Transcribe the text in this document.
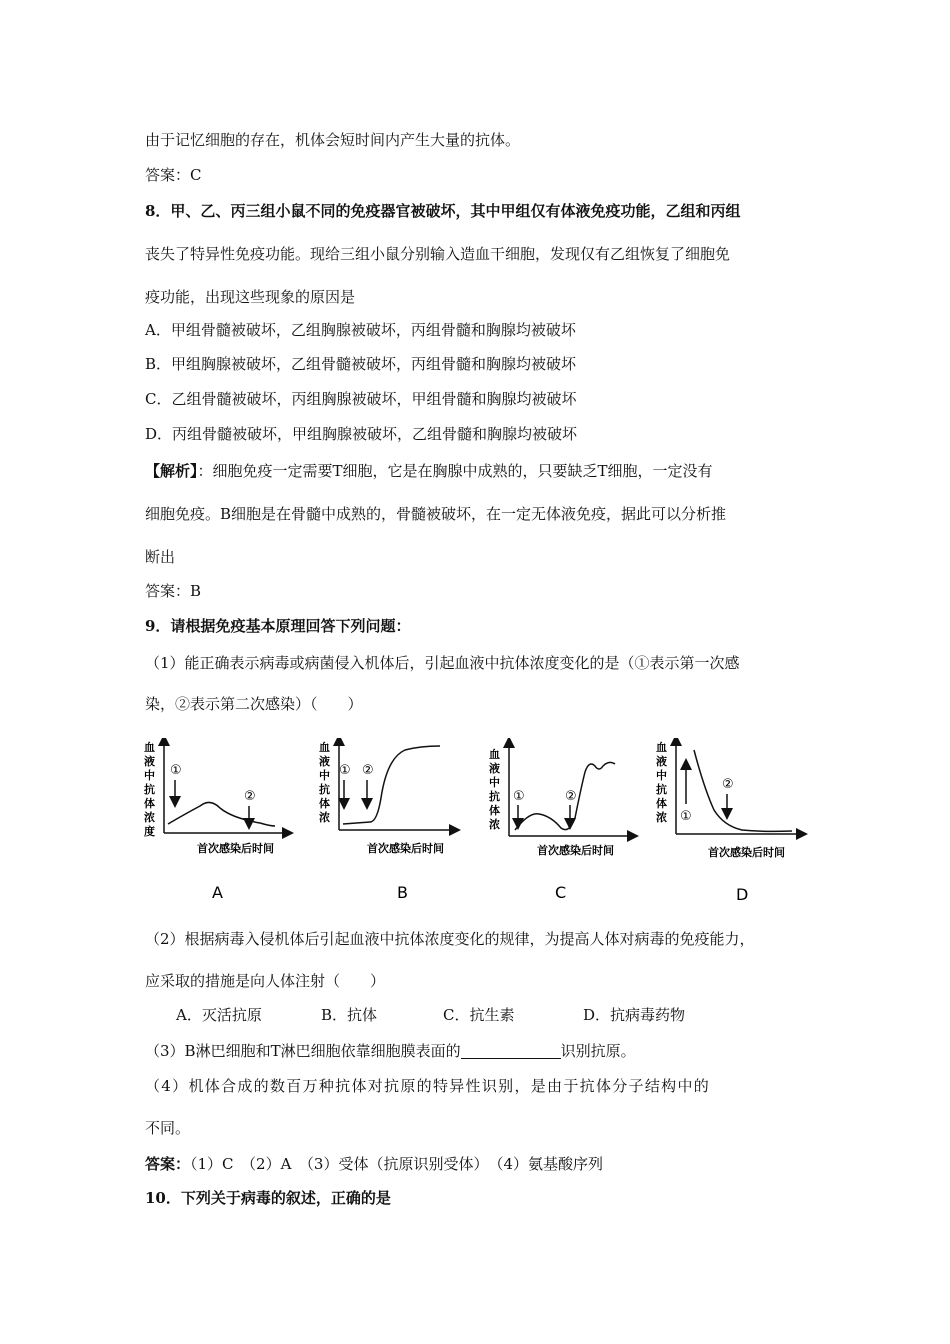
由于记忆细胞的存在，机体会短时间内产生大量的抗体。
答案：C
8．甲、乙、丙三组小鼠不同的免疫器官被破坏，其中甲组仅有体液免疫功能，乙组和丙组
丧失了特异性免疫功能。现给三组小鼠分别输入造血干细胞，发现仅有乙组恢复了细胞免
疫功能，出现这些现象的原因是
A．甲组骨髓被破坏，乙组胸腺被破坏，丙组骨髓和胸腺均被破坏
B．甲组胸腺被破坏，乙组骨髓被破坏，丙组骨髓和胸腺均被破坏
C．乙组骨髓被破坏，丙组胸腺被破坏，甲组骨髓和胸腺均被破坏
D．丙组骨髓被破坏，甲组胸腺被破坏，乙组骨髓和胸腺均被破坏
【解析】：细胞免疫一定需要T细胞，它是在胸腺中成熟的，只要缺乏T细胞，一定没有
细胞免疫。B细胞是在骨髓中成熟的，骨髓被破坏，在一定无体液免疫，据此可以分析推
断出
答案：B
9．请根据免疫基本原理回答下列问题：
（1）能正确表示病毒或病菌侵入机体后，引起血液中抗体浓度变化的是（①表示第一次感
染，②表示第二次感染）（　　）
血
液
中
抗
体
浓
度
①
②
首次感染后时间
A
血
液
中
抗
体
浓
① ②
首次感染后时间
B
血
液
中
抗
体
浓
①	②
首次感染后时间
C
血
液
中
抗
体
浓 ①
②
首次感染后时间
D
（2）根据病毒入侵机体后引起血液中抗体浓度变化的规律，为提高人体对病毒的免疫能力，
应采取的措施是向人体注射（　　）
A．灭活抗原	B．抗体	C．抗生素	D．抗病毒药物
（3）B淋巴细胞和T淋巴细胞依靠细胞膜表面的	识别抗原。
（4）机体合成的数百万种抗体对抗原的特异性识别，是由于抗体分子结构中的
不同。
答案：（1）C　（2）A　（3）受体（抗原识别受体）　（4）氨基酸序列
10．下列关于病毒的叙述，正确的是
